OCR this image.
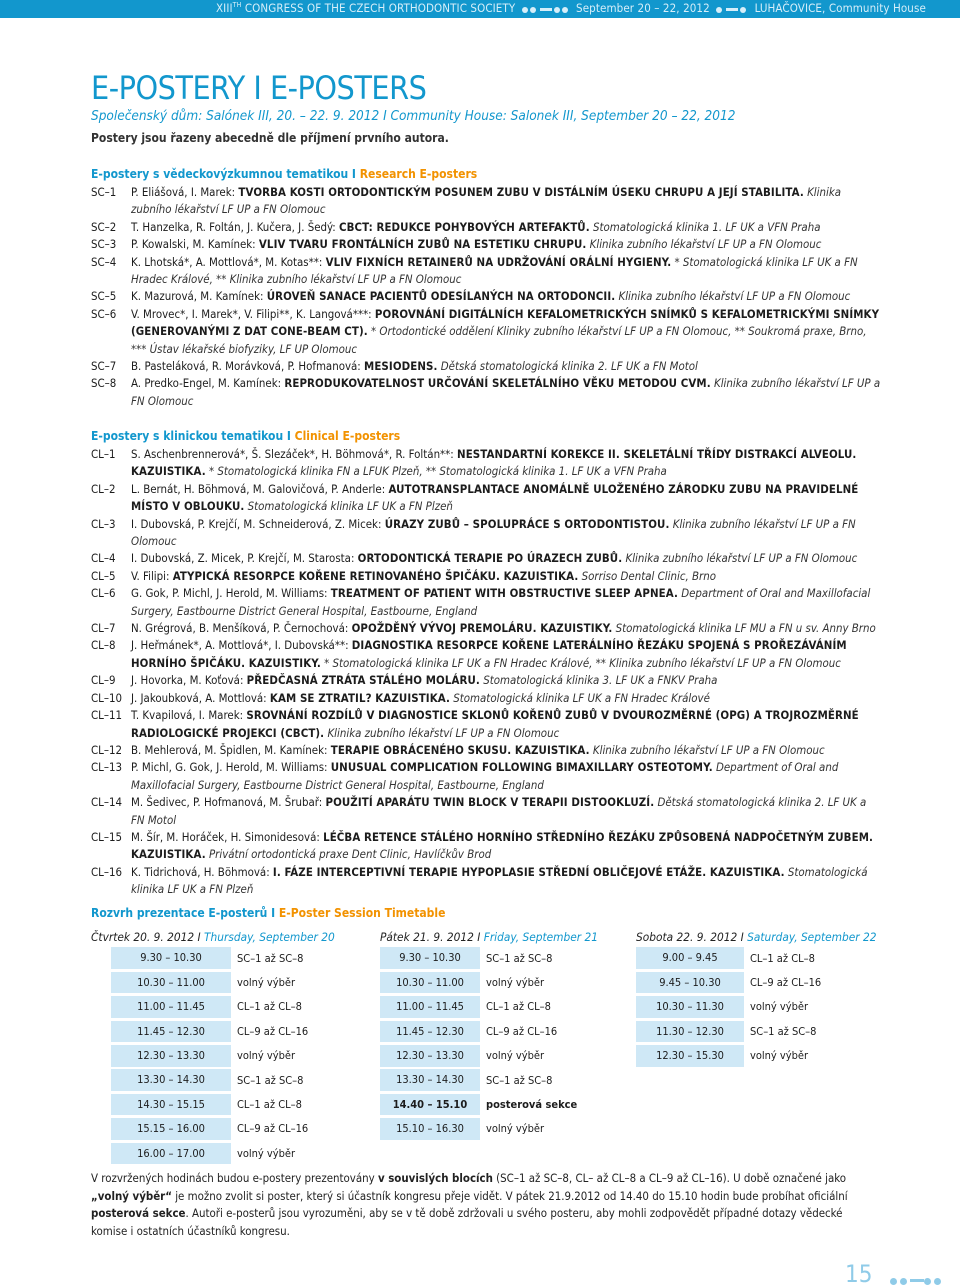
XIIITH CONGRESS OF THE CZECH ORTHODONTIC SOCIETY	September 20 – 22, 2012	LUHAČOVICE, Community House
E-POSTERY I E-POSTERS
Společenský dům: Salónek III, 20. – 22. 9. 2012 I Community House: Salonek III, September 20 – 22, 2012
Postery jsou řazeny abecedně dle příjmení prvního autora.
E-postery s vědeckovýzkumnou tematikou I Research E-posters
SC–1 P. Eliášová, I. Marek: TVORBA KOSTI ORTODONTICKÝM POSUNEM ZUBU V DISTÁLNÍM ÚSEKU CHRUPU A JEJÍ STABILITA. Klinika zubního lékařství LF UP a FN Olomouc
SC–2 T. Hanzelka, R. Foltán, J. Kučera, J. Šedý: CBCT: REDUKCE POHYBOVÝCH ARTEFAKTŮ. Stomatologická klinika 1. LF UK a VFN Praha
SC–3 P. Kowalski, M. Kamínek: VLIV TVARU FRONTÁLNÍCH ZUBŮ NA ESTETIKU CHRUPU. Klinika zubního lékařství LF UP a FN Olomouc
SC–4 K. Lhotská*, A. Mottlová*, M. Kotas**: VLIV FIXNÍCH RETAINERŮ NA UDRŽOVÁNÍ ORÁLNÍ HYGIENY. * Stomatologická klinika LF UK a FN Hradec Králové, ** Klinika zubního lékařství LF UP a FN Olomouc
SC–5 K. Mazurová, M. Kamínek: ÚROVEŇ SANACE PACIENTŮ ODESÍLANÝCH NA ORTODONCII. Klinika zubního lékařství LF UP a FN Olomouc
SC–6 V. Mrovec*, I. Marek*, V. Filipi**, K. Langová***: POROVNÁNÍ DIGITÁLNÍCH KEFALOMETRICKÝCH SNÍMKŮ S KEFALOMETRICKÝMI SNÍMKY (GENEROVANÝMI Z DAT CONE-BEAM CT). * Ortodontické oddělení Kliniky zubního lékařství LF UP a FN Olomouc, ** Soukromá praxe, Brno, *** Ústav lékařské biofyziky, LF UP Olomouc
SC–7 B. Pasteláková, R. Morávková, P. Hofmanová: MESIODENS. Dětská stomatologická klinika 2. LF UK a FN Motol
SC–8 A. Predko-Engel, M. Kamínek: REPRODUKOVATELNOST URČOVÁNÍ SKELETÁLNÍHO VĚKU METODOU CVM. Klinika zubního lékařství LF UP a FN Olomouc
E-postery s klinickou tematikou I Clinical E-posters
CL–1 S. Aschenbrennerová*, Š. Slezáček*, H. Böhmová*, R. Foltán**: NESTANDARTNÍ KOREKCE II. SKELETÁLNÍ TŘÍDY DISTRAKCÍ ALVEOLU. KAZUISTIKA. * Stomatologická klinika FN a LFUK Plzeň, ** Stomatologická klinika 1. LF UK a VFN Praha
CL–2 L. Bernát, H. Böhmová, M. Galovičová, P. Anderle: AUTOTRANSPLANTACE ANOMÁLNĚ ULOŽENÉHO ZÁRODKU ZUBU NA PRAVIDELNÉ MÍSTO V OBLOUKU. Stomatologická klinika LF UK a FN Plzeň
CL–3 I. Dubovská, P. Krejčí, M. Schneiderová, Z. Micek: ÚRAZY ZUBŮ – SPOLUPRÁCE S ORTODONTISTOU. Klinika zubního lékařství LF UP a FN Olomouc
CL–4 I. Dubovská, Z. Micek, P. Krejčí, M. Starosta: ORTODONTICKÁ TERAPIE PO ÚRAZECH ZUBŮ. Klinika zubního lékařství LF UP a FN Olomouc
CL–5 V. Filipi: ATYPICKÁ RESORPCE KOŘENE RETINOVANÉHO ŠPIČÁKU. KAZUISTIKA. Sorriso Dental Clinic, Brno
CL–6 G. Gok, P. Michl, J. Herold, M. Williams: TREATMENT OF PATIENT WITH OBSTRUCTIVE SLEEP APNEA. Department of Oral and Maxillofacial Surgery, Eastbourne District General Hospital, Eastbourne, England
CL–7 N. Grégrová, B. Menšíková, P. Černochová: OPOŽDĚNÝ VÝVOJ PREMOLÁRU. KAZUISTIKY. Stomatologická klinika LF MU a FN u sv. Anny Brno
CL–8 J. Heřmánek*, A. Mottlová*, I. Dubovská**: DIAGNOSTIKA RESORPCE KOŘENE LATERÁLNÍHO ŘEZÁKU SPOJENÁ S PROŘEZÁVÁNÍM HORNÍHO ŠPIČÁKU. KAZUISTIKY. * Stomatologická klinika LF UK a FN Hradec Králové, ** Klinika zubního lékařství LF UP a FN Olomouc
CL–9 J. Hovorka, M. Koťová: PŘEDČASNÁ ZTRÁTA STÁLÉHO MOLÁRU. Stomatologická klinika 3. LF UK a FNKV Praha
CL–10 J. Jakoubková, A. Mottlová: KAM SE ZTRATIL? KAZUISTIKA. Stomatologická klinika LF UK a FN Hradec Králové
CL–11 T. Kvapilová, I. Marek: SROVNÁNÍ ROZDÍLŮ V DIAGNOSTICE SKLONŮ KOŘENŮ ZUBŮ V DVOUROZMĚRNÉ (OPG) A TROJROZMĚRNÉ RADIOLOGICKÉ PROJEKCI (CBCT). Klinika zubního lékařství LF UP a FN Olomouc
CL–12 B. Mehlerová, M. Špidlen, M. Kamínek: TERAPIE OBRÁCENÉHO SKUSU. KAZUISTIKA. Klinika zubního lékařství LF UP a FN Olomouc
CL–13 P. Michl, G. Gok, J. Herold, M. Williams: UNUSUAL COMPLICATION FOLLOWING BIMAXILLARY OSTEOTOMY. Department of Oral and Maxillofacial Surgery, Eastbourne District General Hospital, Eastbourne, England
CL–14 M. Šedivec, P. Hofmanová, M. Šrubař: POUŽITÍ APARÁTU TWIN BLOCK V TERAPII DISTOOKLUZÍ. Dětská stomatologická klinika 2. LF UK a FN Motol
CL–15 M. Šír, M. Horáček, H. Simonidesová: LÉČBA RETENCE STÁLÉHO HORNÍHO STŘEDNÍHO ŘEZÁKU ZPŮSOBENÁ NADPOČETNÝM ZUBEM. KAZUISTIKA. Privátní ortodontická praxe Dent Clinic, Havlíčkův Brod
CL–16 K. Tidrichová, H. Böhmová: I. FÁZE INTERCEPTIVNÍ TERAPIE HYPOPLASIE STŘEDNÍ OBLIČEJOVÉ ETÁŽE. KAZUISTIKA. Stomatologická klinika LF UK a FN Plzeň
Rozvrh prezentace E-posterů I E-Poster Session Timetable
Čtvrtek 20. 9. 2012 I Thursday, September 20
9.30 – 10.30	SC–1 až SC–8
10.30 – 11.00	volný výběr
11.00 – 11.45	CL–1 až CL–8
11.45 – 12.30	CL–9 až CL–16
12.30 – 13.30	volný výběr
13.30 – 14.30	SC–1 až SC–8
14.30 – 15.15	CL–1 až CL–8
15.15 – 16.00	CL–9 až CL–16
16.00 – 17.00	volný výběr
Pátek 21. 9. 2012 I Friday, September 21
9.30 – 10.30	SC–1 až SC–8
10.30 – 11.00	volný výběr
11.00 – 11.45	CL–1 až CL–8
11.45 – 12.30	CL–9 až CL–16
12.30 – 13.30	volný výběr
13.30 – 14.30	SC–1 až SC–8
14.40 – 15.10	posterová sekce
15.10 – 16.30	volný výběr
Sobota 22. 9. 2012 I Saturday, September 22
9.00 – 9.45	CL–1 až CL–8
9.45 – 10.30	CL–9 až CL–16
10.30 – 11.30	volný výběr
11.30 – 12.30	SC–1 až SC–8
12.30 – 15.30	volný výběr
V rozvržených hodinách budou e-postery prezentovány v souvislých blocích (SC–1 až SC–8, CL– až CL–8 a CL–9 až CL–16). U době označené jako „volný výběr“ je možno zvolit si poster, který si účastník kongresu přeje vidět. V pátek 21.9.2012 od 14.40 do 15.10 hodin bude probíhat oficiální posterová sekce. Autoři e-posterů jsou vyrozuměni, aby se v tě době zdržovali u svého posteru, aby mohli zodpovědět případné dotazy vědecké komise i ostatních účastníků kongresu.
15
